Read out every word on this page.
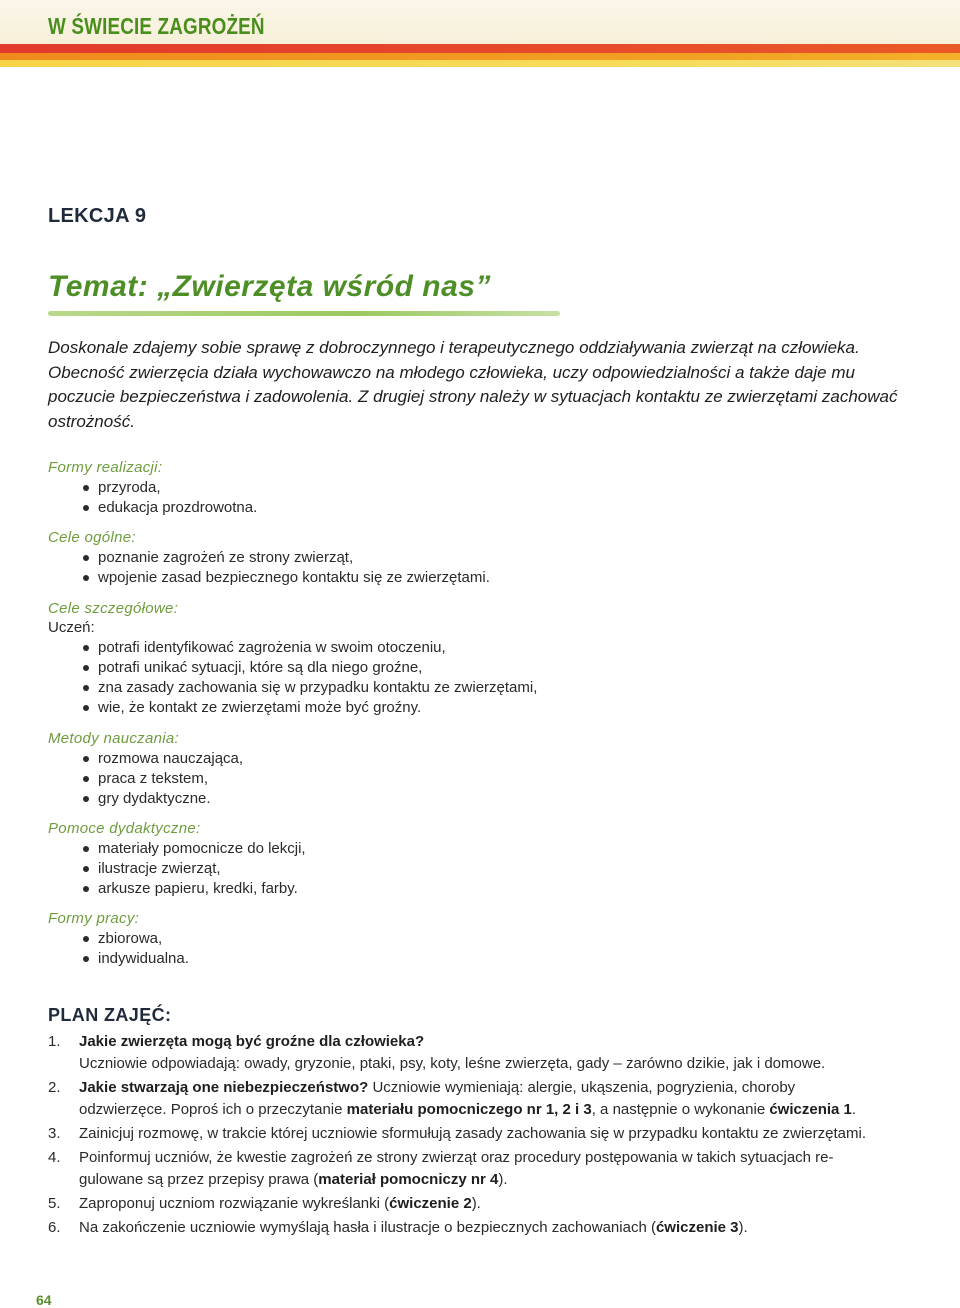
W ŚWIECIE ZAGROŻEŃ
LEKCJA 9
Temat: „Zwierzęta wśród nas”

Doskonale zdajemy sobie sprawę z dobroczynnego i terapeutycznego oddziaływania zwierząt na człowieka. Obecność zwierzęcia działa wychowawczo na młodego człowieka, uczy odpowiedzialności a także daje mu poczucie bezpieczeństwa i zadowolenia. Z drugiej strony należy w sytuacjach kontaktu ze zwierzętami zachować ostrożność.

Formy realizacji:

przyroda,
edukacja prozdrowotna.

Cele ogólne:

poznanie zagrożeń ze strony zwierząt,
wpojenie zasad bezpiecznego kontaktu się ze zwierzętami.

Cele szczegółowe:

Uczeń:

potrafi identyfikować zagrożenia w swoim otoczeniu,
potrafi unikać sytuacji, które są dla niego groźne,
zna zasady zachowania się w przypadku kontaktu ze zwierzętami,
wie, że kontakt ze zwierzętami może być groźny.

Metody nauczania:

rozmowa nauczająca,
praca z tekstem,
gry dydaktyczne.

Pomoce dydaktyczne:

materiały pomocnicze do lekcji,
ilustracje zwierząt,
arkusze papieru, kredki, farby.

Formy pracy:

zbiorowa,
indywidualna.
PLAN ZAJĘĆ:
1. Jakie zwierzęta mogą być groźne dla człowieka?
Uczniowie odpowiadają: owady, gryzonie, ptaki, psy, koty, leśne zwierzęta, gady – zarówno dzikie, jak i domowe.
2. Jakie stwarzają one niebezpieczeństwo? Uczniowie wymieniają: alergie, ukąszenia, pogryzienia, choroby odzwierzęce. Poproś ich o przeczytanie materiału pomocniczego nr 1, 2 i 3, a następnie o wykonanie ćwiczenia 1.
3. Zainicjuj rozmowę, w trakcie której uczniowie sformułują zasady zachowania się w przypadku kontaktu ze zwierzętami.
4. Poinformuj uczniów, że kwestie zagrożeń ze strony zwierząt oraz procedury postępowania w takich sytuacjach regulowane są przez przepisy prawa (materiał pomocniczy nr 4).
5. Zaproponuj uczniom rozwiązanie wykreślanki (ćwiczenie 2).
6. Na zakończenie uczniowie wymyślają hasła i ilustracje o bezpiecznych zachowaniach (ćwiczenie 3).

64
